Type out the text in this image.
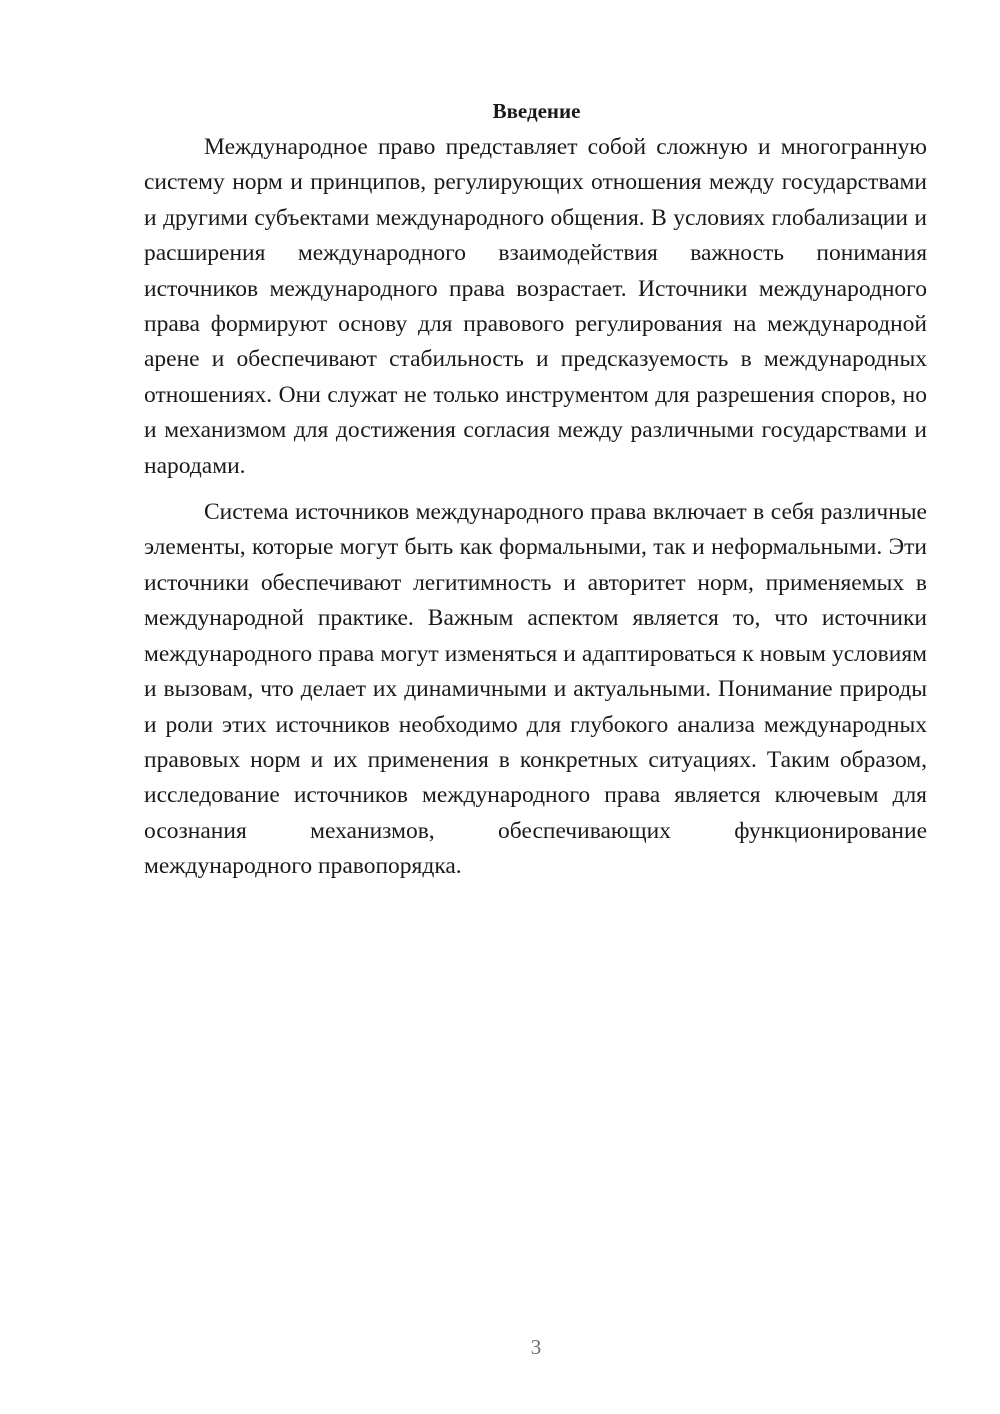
Введение

Международное право представляет собой сложную и многогранную систему норм и принципов, регулирующих отношения между государствами и другими субъектами международного общения. В условиях глобализации и расширения международного взаимодействия важность понимания источников международного права возрастает. Источники международного права формируют основу для правового регулирования на международной арене и обеспечивают стабильность и предсказуемость в международных отношениях. Они служат не только инструментом для разрешения споров, но и механизмом для достижения согласия между различными государствами и народами.

Система источников международного права включает в себя различные элементы, которые могут быть как формальными, так и неформальными. Эти источники обеспечивают легитимность и авторитет норм, применяемых в международной практике. Важным аспектом является то, что источники международного права могут изменяться и адаптироваться к новым условиям и вызовам, что делает их динамичными и актуальными. Понимание природы и роли этих источников необходимо для глубокого анализа международных правовых норм и их применения в конкретных ситуациях. Таким образом, исследование источников международного права является ключевым для осознания механизмов, обеспечивающих функционирование международного правопорядка.

3
